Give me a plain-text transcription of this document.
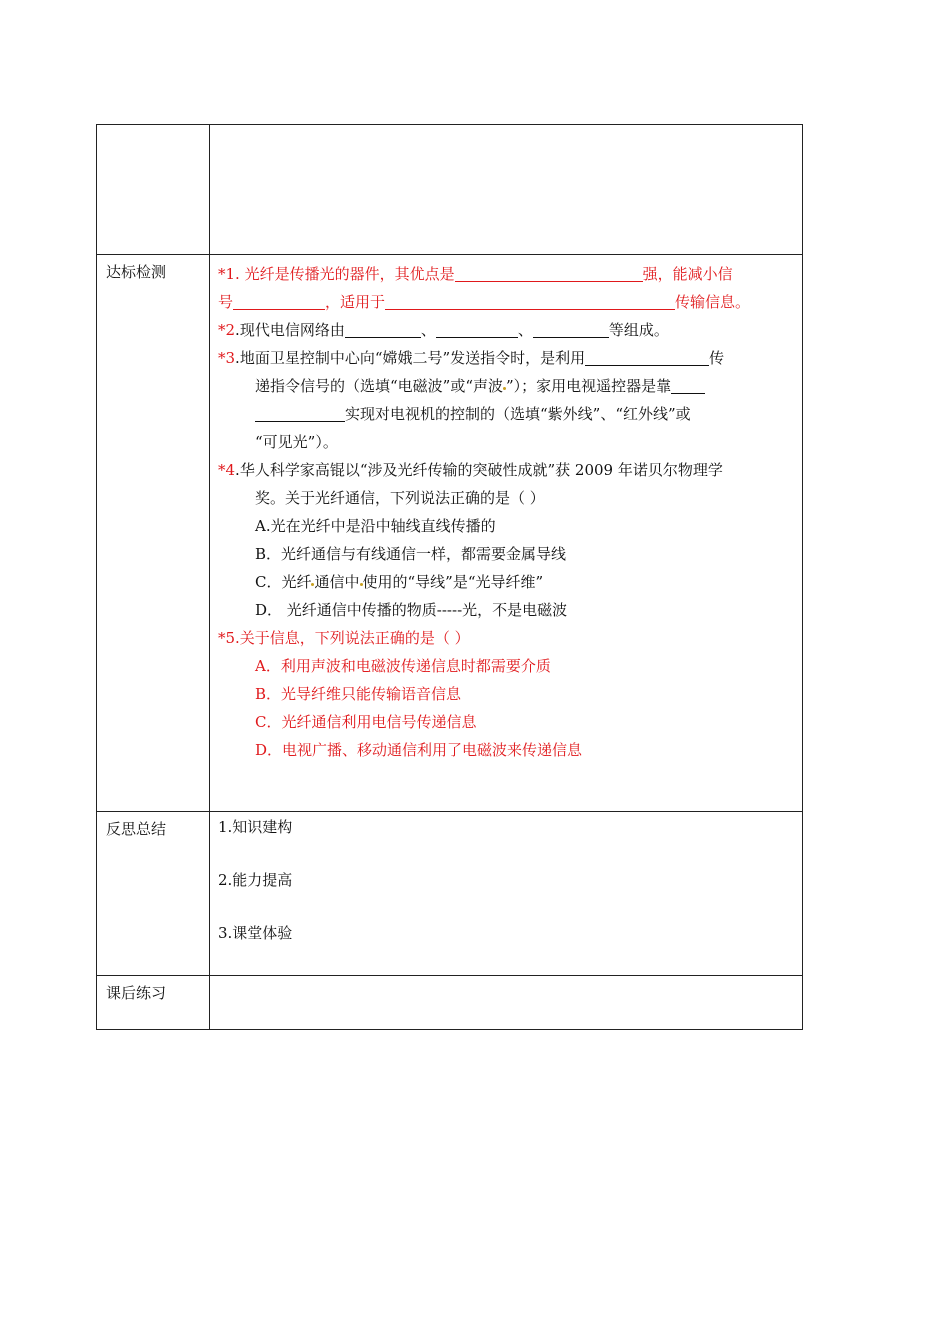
达标检测	*1. 光纤是传播光的器件，其优点是	强，能减小信
号	，适用于	传输信息。
*2.现代电信网络由	、	、	等组成。
*3.地面卫星控制中心向“嫦娥二号”发送指令时，是利用	传
递指令信号的（选填“电磁波”或“声波 ”）；家用电视遥控器是靠
实现对电视机的控制的（选填“紫外线”、“红外线”或
“可见光”）。
*4.华人科学家高锟以“涉及光纤传输的突破性成就”获 2009 年诺贝尔物理学
奖。关于光纤通信，下列说法正确的是（ ）
A.光在光纤中是沿中轴线直线传播的
B．光纤通信与有线通信一样，都需要金属导线
C．光纤 通信中 使用的“导线”是“光导纤维”
D． 光纤通信中传播的物质-----光，不是电磁波
*5.关于信息，下列说法正确的是（ ）
A．利用声波和电磁波传递信息时都需要介质
B．光导纤维只能传输语音信息
C．光纤通信利用电信号传递信息
D．电视广播、移动通信利用了电磁波来传递信息
反思总结	1.知识建构
2.能力提高
3.课堂体验
课后练习
